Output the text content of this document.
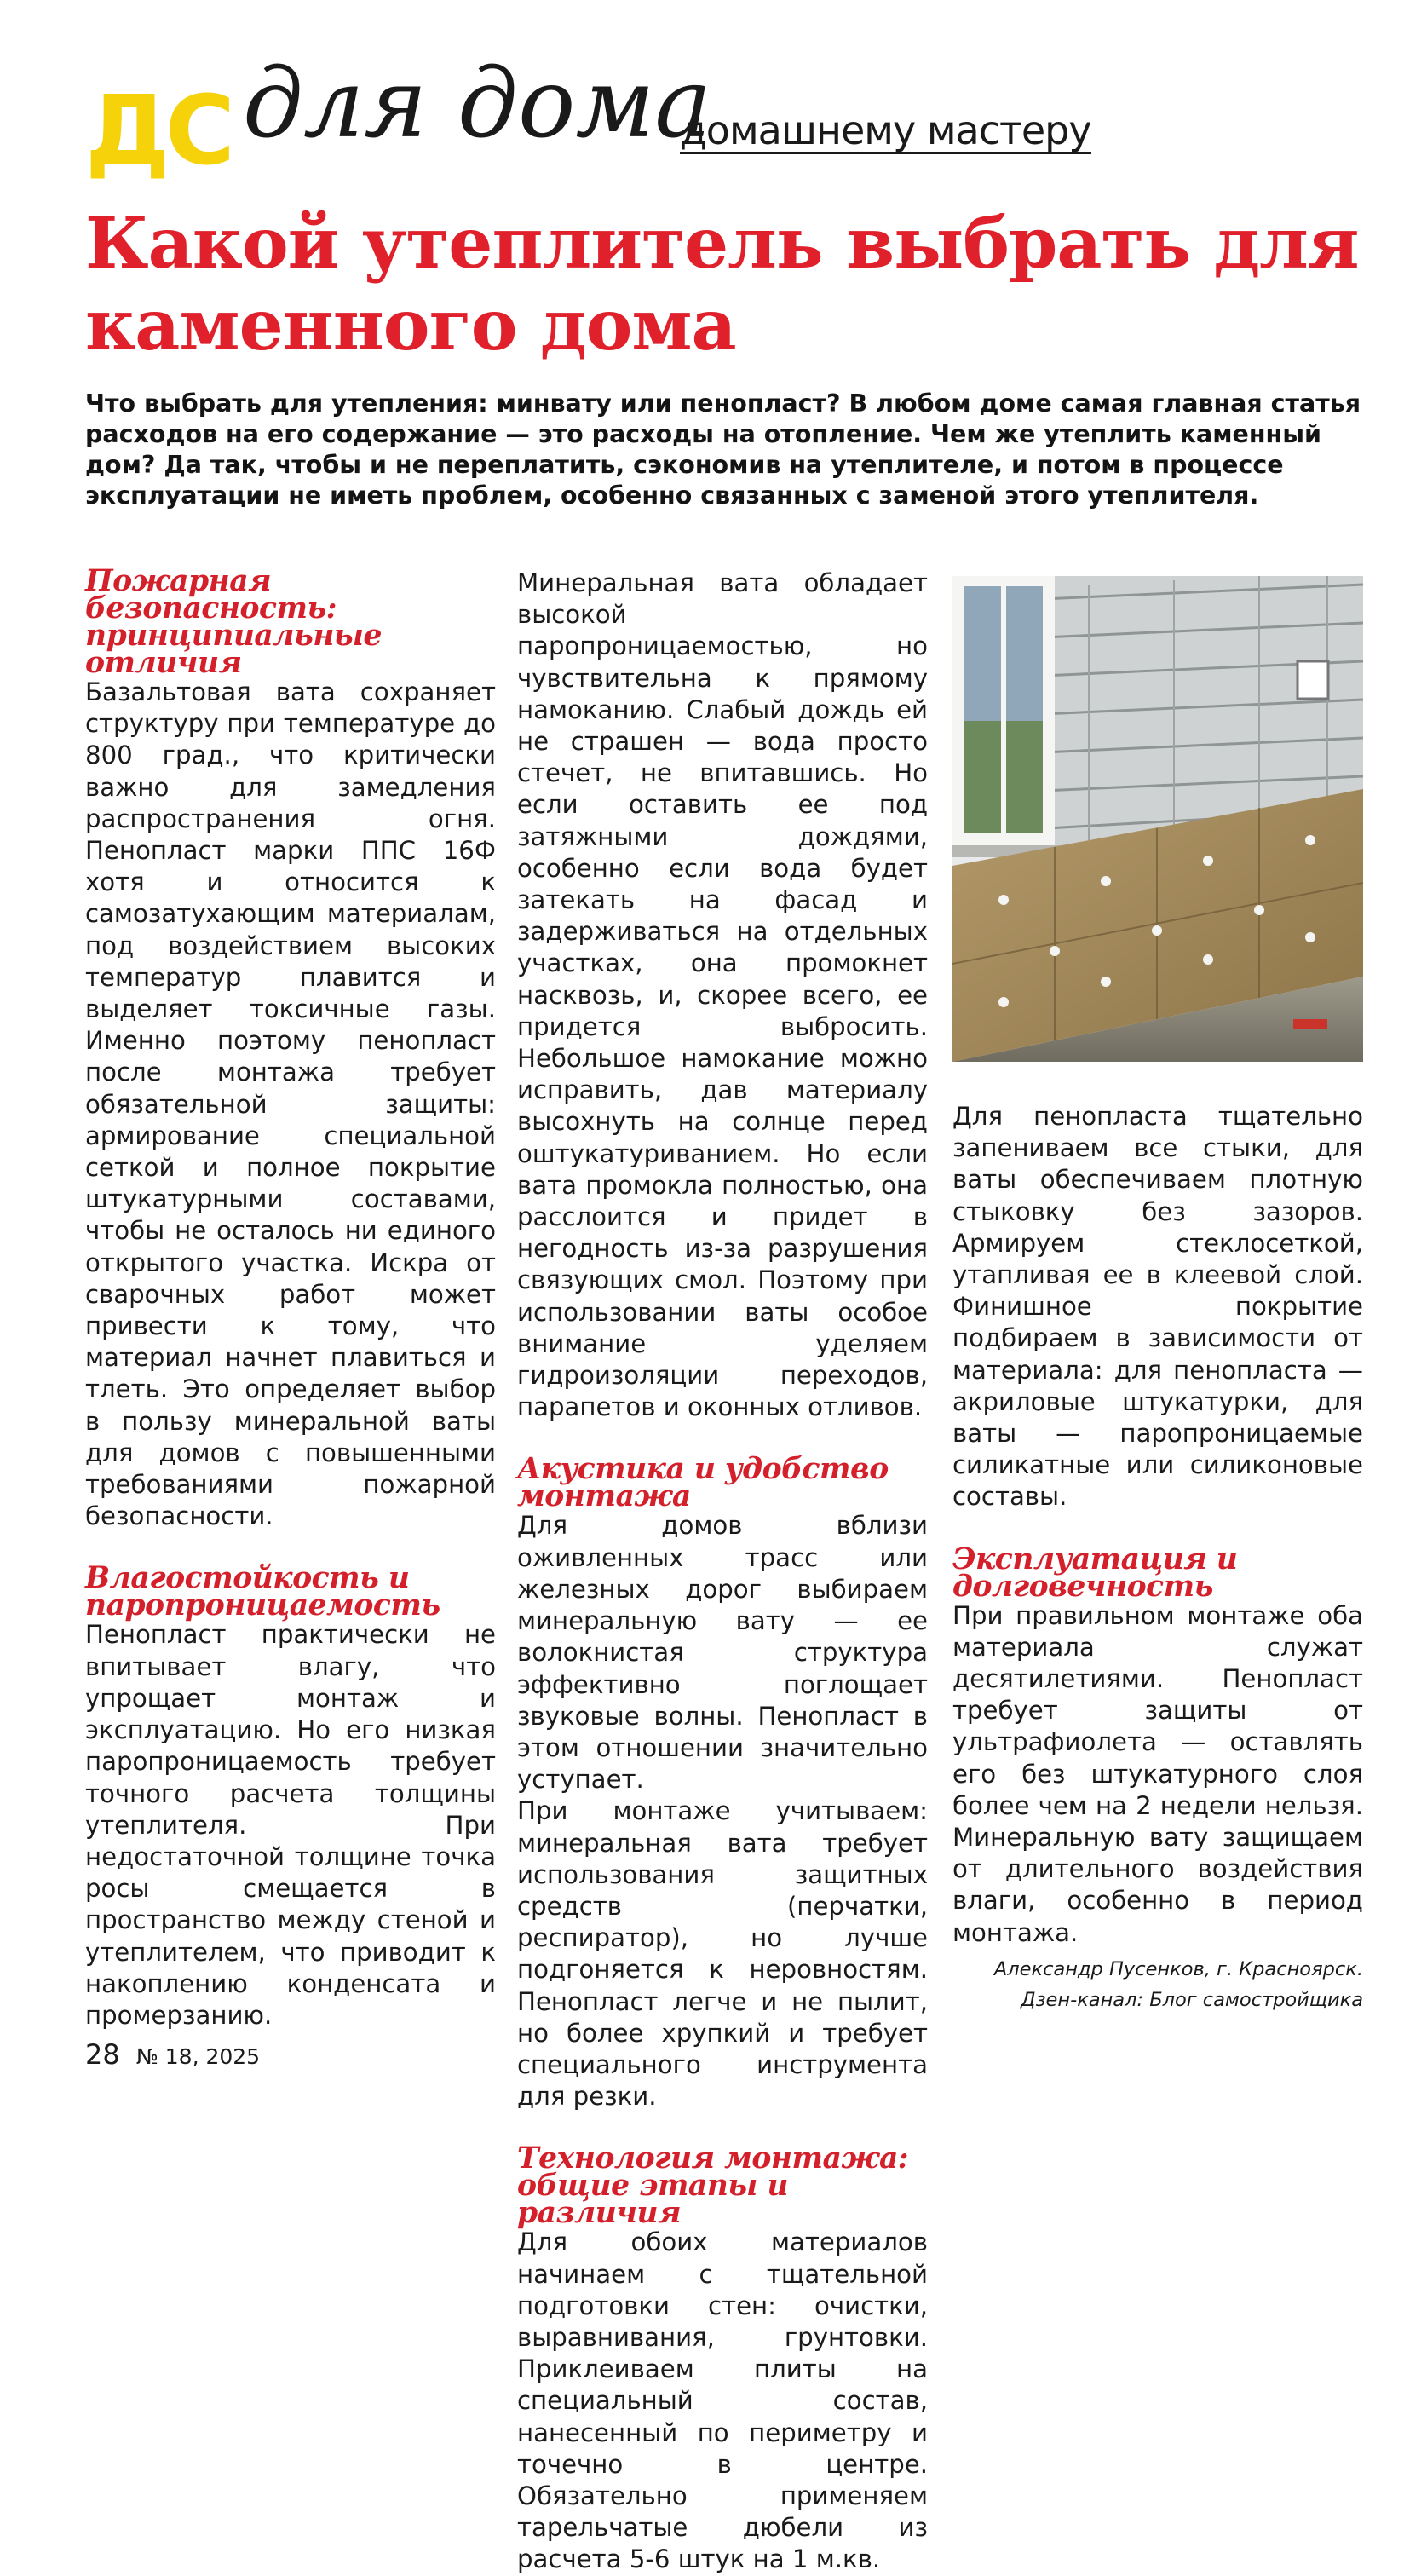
ДС для дома
домашнему мастеру
Какой утеплитель выбрать для каменного дома

Что выбрать для утепления: минвату или пенопласт? В любом доме самая главная статья расходов на его содержание — это расходы на отопление. Чем же утеплить каменный дом? Да так, чтобы и не переплатить, сэкономив на утеплителе, и потом в процессе эксплуатации не иметь проблем, особенно связанных с заменой этого утеплителя.

Пожарная безопасность: принципиальные отличия

Базальтовая вата сохраняет структуру при температуре до 800 град., что критически важно для замедления распространения огня. Пенопласт марки ППС 16Ф хотя и относится к самозатухающим материалам, под воздействием высоких температур плавится и выделяет токсичные газы. Именно поэтому пенопласт после монтажа требует обязательной защиты: армирование специальной сеткой и полное покрытие штукатурными составами, чтобы не осталось ни единого открытого участка. Искра от сварочных работ может привести к тому, что материал начнет плавиться и тлеть. Это определяет выбор в пользу минеральной ваты для домов с повышенными требованиями пожарной безопасности.

Влагостойкость и паропроницаемость

Пенопласт практически не впитывает влагу, что упрощает монтаж и эксплуатацию. Но его низкая паропроницаемость требует точного расчета толщины утеплителя. При недостаточной толщине точка росы смещается в пространство между стеной и утеплителем, что приводит к накоплению конденсата и промерзанию.

Минеральная вата обладает высокой паропроницаемостью, но чувствительна к прямому намоканию. Слабый дождь ей не страшен — вода просто стечет, не впитавшись. Но если оставить ее под затяжными дождями, особенно если вода будет затекать на фасад и задерживаться на отдельных участках, она промокнет насквозь, и, скорее всего, ее придется выбросить. Небольшое намокание можно исправить, дав материалу высохнуть на солнце перед оштукатуриванием. Но если вата промокла полностью, она расслоится и придет в негодность из-за разрушения связующих смол. Поэтому при использовании ваты особое внимание уделяем гидроизоляции переходов, парапетов и оконных отливов.

Акустика и удобство монтажа

Для домов вблизи оживленных трасс или железных дорог выбираем минеральную вату — ее волокнистая структура эффективно поглощает звуковые волны. Пенопласт в этом отношении значительно уступает.

При монтаже учитываем: минеральная вата требует использования защитных средств (перчатки, респиратор), но лучше подгоняется к неровностям. Пенопласт легче и не пылит, но более хрупкий и требует специального инструмента для резки.

Технология монтажа: общие этапы и различия

Для обоих материалов начинаем с тщательной подготовки стен: очистки, выравнивания, грунтовки. Приклеиваем плиты на специальный состав, нанесенный по периметру и точечно в центре. Обязательно применяем тарельчатые дюбели из расчета 5-6 штук на 1 м.кв.

Для пенопласта тщательно запениваем все стыки, для ваты обеспечиваем плотную стыковку без зазоров. Армируем стеклосеткой, утапливая ее в клеевой слой. Финишное покрытие подбираем в зависимости от материала: для пенопласта — акриловые штукатурки, для ваты — паропроницаемые силикатные или силиконовые составы.

Эксплуатация и долговечность

При правильном монтаже оба материала служат десятилетиями. Пенопласт требует защиты от ультрафиолета — оставлять его без штукатурного слоя более чем на 2 недели нельзя. Минеральную вату защищаем от длительного воздействия влаги, особенно в период монтажа.

Александр Пусенков, г. Красноярск.

Дзен-канал: Блог самостройщика

28 № 18, 2025
